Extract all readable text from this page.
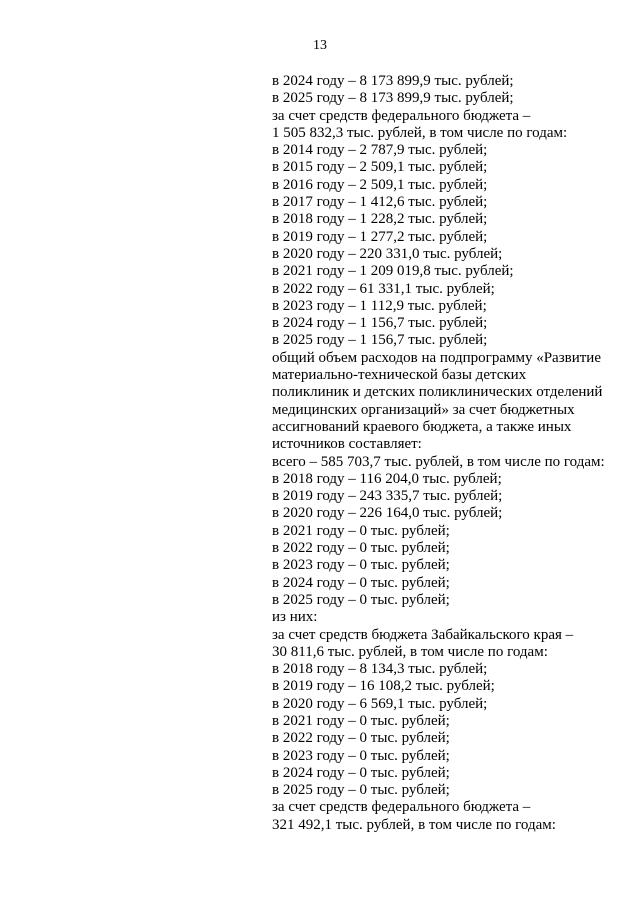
13
в 2024 году – 8 173 899,9 тыс. рублей;
в 2025 году – 8 173 899,9 тыс. рублей;
за счет средств федерального бюджета –
1 505 832,3 тыс. рублей, в том числе по годам:
в 2014 году – 2 787,9 тыс. рублей;
в 2015 году – 2 509,1 тыс. рублей;
в 2016 году – 2 509,1 тыс. рублей;
в 2017 году – 1 412,6 тыс. рублей;
в 2018 году – 1 228,2 тыс. рублей;
в 2019 году – 1 277,2 тыс. рублей;
в 2020 году – 220 331,0 тыс. рублей;
в 2021 году – 1 209 019,8 тыс. рублей;
в 2022 году – 61 331,1 тыс. рублей;
в 2023 году – 1 112,9 тыс. рублей;
в 2024 году – 1 156,7 тыс. рублей;
в 2025 году – 1 156,7 тыс. рублей;
общий объем расходов на подпрограмму «Развитие
материально-технической базы детских
поликлиник и детских поликлинических отделений
медицинских организаций» за счет бюджетных
ассигнований краевого бюджета, а также иных
источников составляет:
всего – 585 703,7 тыс. рублей, в том числе по годам:
в 2018 году – 116 204,0 тыс. рублей;
в 2019 году – 243 335,7 тыс. рублей;
в 2020 году – 226 164,0 тыс. рублей;
в 2021 году – 0 тыс. рублей;
в 2022 году – 0 тыс. рублей;
в 2023 году – 0 тыс. рублей;
в 2024 году – 0 тыс. рублей;
в 2025 году – 0 тыс. рублей;
из них:
за счет средств бюджета Забайкальского края –
30 811,6 тыс. рублей, в том числе по годам:
в 2018 году – 8 134,3 тыс. рублей;
в 2019 году – 16 108,2 тыс. рублей;
в 2020 году – 6 569,1 тыс. рублей;
в 2021 году – 0 тыс. рублей;
в 2022 году – 0 тыс. рублей;
в 2023 году – 0 тыс. рублей;
в 2024 году – 0 тыс. рублей;
в 2025 году – 0 тыс. рублей;
за счет средств федерального бюджета –
321 492,1 тыс. рублей, в том числе по годам:
